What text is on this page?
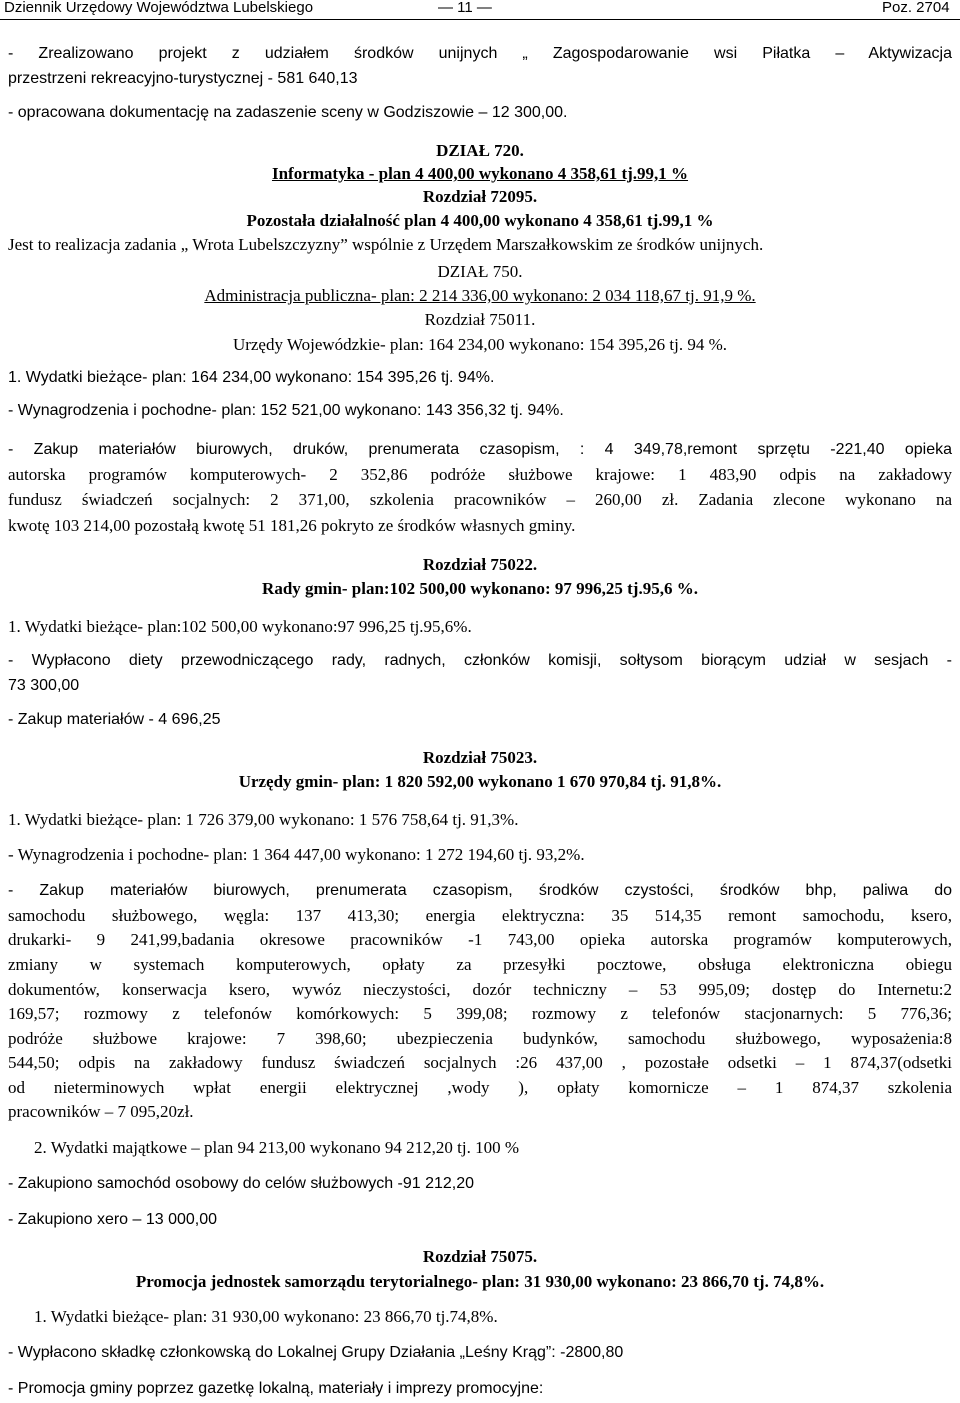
Dziennik Urzędowy Województwa Lubelskiego	— 11 —	Poz. 2704
- Zrealizowano projekt z udziałem środków unijnych „ Zagospodarowanie wsi Piłatka – Aktywizacja
przestrzeni rekreacyjno-turystycznej - 581 640,13
- opracowana dokumentację na zadaszenie sceny w Godziszowie – 12 300,00.
DZIAŁ 720.
Informatyka - plan 4 400,00 wykonano 4 358,61 tj.99,1 %
Rozdział 72095.
Pozostała działalność plan 4 400,00 wykonano 4 358,61 tj.99,1 %
Jest to realizacja zadania „ Wrota Lubelszczyzny” wspólnie z Urzędem Marszałkowskim ze środków unijnych.
DZIAŁ 750.
Administracja publiczna- plan: 2 214 336,00 wykonano: 2 034 118,67 tj. 91,9 %.
Rozdział 75011.
Urzędy Wojewódzkie- plan: 164 234,00 wykonano: 154 395,26 tj. 94 %.
1. Wydatki bieżące- plan: 164 234,00 wykonano: 154 395,26 tj. 94%.
- Wynagrodzenia i pochodne- plan: 152 521,00 wykonano: 143 356,32 tj. 94%.
- Zakup materiałów biurowych, druków, prenumerata czasopism, : 4 349,78,remont sprzętu -221,40 opieka
autorska programów komputerowych- 2 352,86 podróże służbowe krajowe: 1 483,90 odpis na zakładowy
fundusz świadczeń socjalnych: 2 371,00, szkolenia pracowników – 260,00 zł. Zadania zlecone wykonano na
kwotę 103 214,00 pozostałą kwotę 51 181,26 pokryto ze środków własnych gminy.
Rozdział 75022.
Rady gmin- plan:102 500,00 wykonano: 97 996,25 tj.95,6 %.
1. Wydatki bieżące- plan:102 500,00 wykonano:97 996,25 tj.95,6%.
- Wypłacono diety przewodniczącego rady, radnych, członków komisji, sołtysom biorącym udział w sesjach -
73 300,00
- Zakup materiałów - 4 696,25
Rozdział 75023.
Urzędy gmin- plan: 1 820 592,00 wykonano 1 670 970,84 tj. 91,8%.
1. Wydatki bieżące- plan: 1 726 379,00 wykonano: 1 576 758,64 tj. 91,3%.
- Wynagrodzenia i pochodne- plan: 1 364 447,00 wykonano: 1 272 194,60 tj. 93,2%.
- Zakup materiałów biurowych, prenumerata czasopism, środków czystości, środków bhp, paliwa do
samochodu służbowego, węgla: 137 413,30; energia elektryczna: 35 514,35 remont samochodu, ksero,
drukarki- 9 241,99,badania okresowe pracowników -1 743,00 opieka autorska programów komputerowych,
zmiany w systemach komputerowych, opłaty za przesyłki pocztowe, obsługa elektroniczna obiegu
dokumentów, konserwacja ksero, wywóz nieczystości, dozór techniczny – 53 995,09; dostęp do Internetu:2
169,57; rozmowy z telefonów komórkowych: 5 399,08; rozmowy z telefonów stacjonarnych: 5 776,36;
podróże służbowe krajowe: 7 398,60; ubezpieczenia budynków, samochodu służbowego, wyposażenia:8
544,50; odpis na zakładowy fundusz świadczeń socjalnych :26 437,00 , pozostałe odsetki – 1 874,37(odsetki
od nieterminowych wpłat energii elektrycznej ,wody ), opłaty komornicze – 1 874,37 szkolenia
pracowników – 7 095,20zł.
2. Wydatki majątkowe – plan 94 213,00 wykonano 94 212,20 tj. 100 %
- Zakupiono samochód osobowy do celów służbowych -91 212,20
- Zakupiono xero – 13 000,00
Rozdział 75075.
Promocja jednostek samorządu terytorialnego- plan: 31 930,00 wykonano: 23 866,70 tj. 74,8%.
1. Wydatki bieżące- plan: 31 930,00 wykonano: 23 866,70 tj.74,8%.
- Wypłacono składkę członkowską do Lokalnej Grupy Działania „Leśny Krąg”: -2800,80
- Promocja gminy poprzez gazetkę lokalną, materiały i imprezy promocyjne:
